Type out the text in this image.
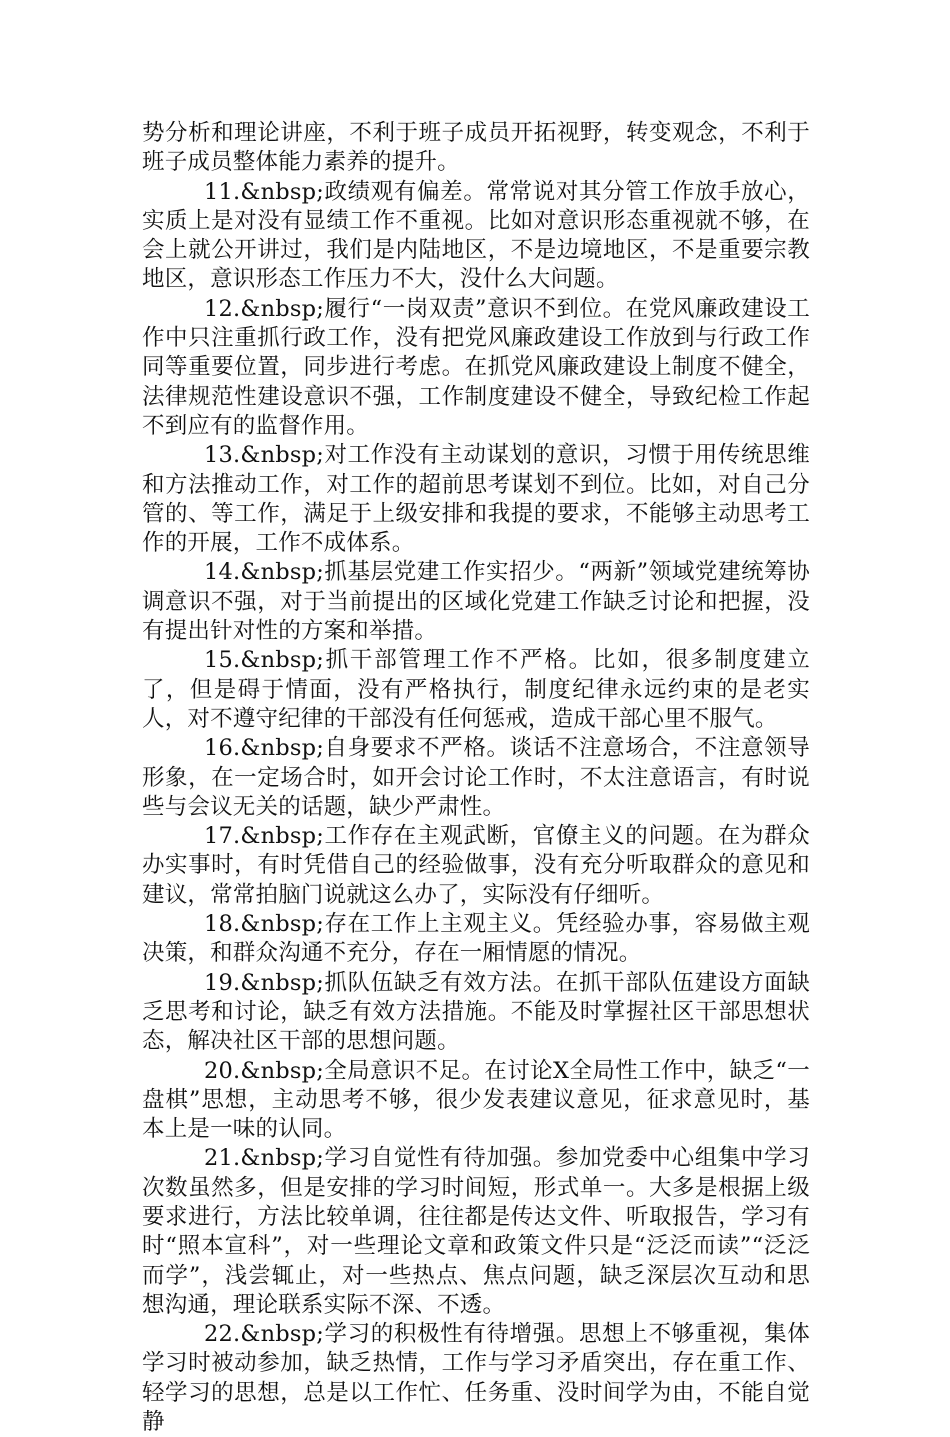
势分析和理论讲座，不利于班子成员开拓视野，转变观念，不利于班子成员整体能力素养的提升。

11.&nbsp;政绩观有偏差。常常说对其分管工作放手放心，实质上是对没有显绩工作不重视。比如对意识形态重视就不够，在会上就公开讲过，我们是内陆地区，不是边境地区，不是重要宗教地区，意识形态工作压力不大，没什么大问题。

12.&nbsp;履行“一岗双责”意识不到位。在党风廉政建设工作中只注重抓行政工作，没有把党风廉政建设工作放到与行政工作同等重要位置，同步进行考虑。在抓党风廉政建设上制度不健全，法律规范性建设意识不强，工作制度建设不健全，导致纪检工作起不到应有的监督作用。

13.&nbsp;对工作没有主动谋划的意识，习惯于用传统思维和方法推动工作，对工作的超前思考谋划不到位。比如，对自己分管的、等工作，满足于上级安排和我提的要求，不能够主动思考工作的开展，工作不成体系。

14.&nbsp;抓基层党建工作实招少。“两新”领域党建统筹协调意识不强，对于当前提出的区域化党建工作缺乏讨论和把握，没有提出针对性的方案和举措。

15.&nbsp;抓干部管理工作不严格。比如，很多制度建立了，但是碍于情面，没有严格执行，制度纪律永远约束的是老实人，对不遵守纪律的干部没有任何惩戒，造成干部心里不服气。

16.&nbsp;自身要求不严格。谈话不注意场合，不注意领导形象，在一定场合时，如开会讨论工作时，不太注意语言，有时说些与会议无关的话题，缺少严肃性。

17.&nbsp;工作存在主观武断，官僚主义的问题。在为群众办实事时，有时凭借自己的经验做事，没有充分听取群众的意见和建议，常常拍脑门说就这么办了，实际没有仔细听。

18.&nbsp;存在工作上主观主义。凭经验办事，容易做主观决策，和群众沟通不充分，存在一厢情愿的情况。

19.&nbsp;抓队伍缺乏有效方法。在抓干部队伍建设方面缺乏思考和讨论，缺乏有效方法措施。不能及时掌握社区干部思想状态，解决社区干部的思想问题。

20.&nbsp;全局意识不足。在讨论X全局性工作中，缺乏“一盘棋”思想，主动思考不够，很少发表建议意见，征求意见时，基本上是一味的认同。

21.&nbsp;学习自觉性有待加强。参加党委中心组集中学习次数虽然多，但是安排的学习时间短，形式单一。大多是根据上级要求进行，方法比较单调，往往都是传达文件、听取报告，学习有时“照本宣科”，对一些理论文章和政策文件只是“泛泛而读”“泛泛而学”，浅尝辄止，对一些热点、焦点问题，缺乏深层次互动和思想沟通，理论联系实际不深、不透。

22.&nbsp;学习的积极性有待增强。思想上不够重视，集体学习时被动参加，缺乏热情，工作与学习矛盾突出，存在重工作、轻学习的思想，总是以工作忙、任务重、没时间学为由，不能自觉静
